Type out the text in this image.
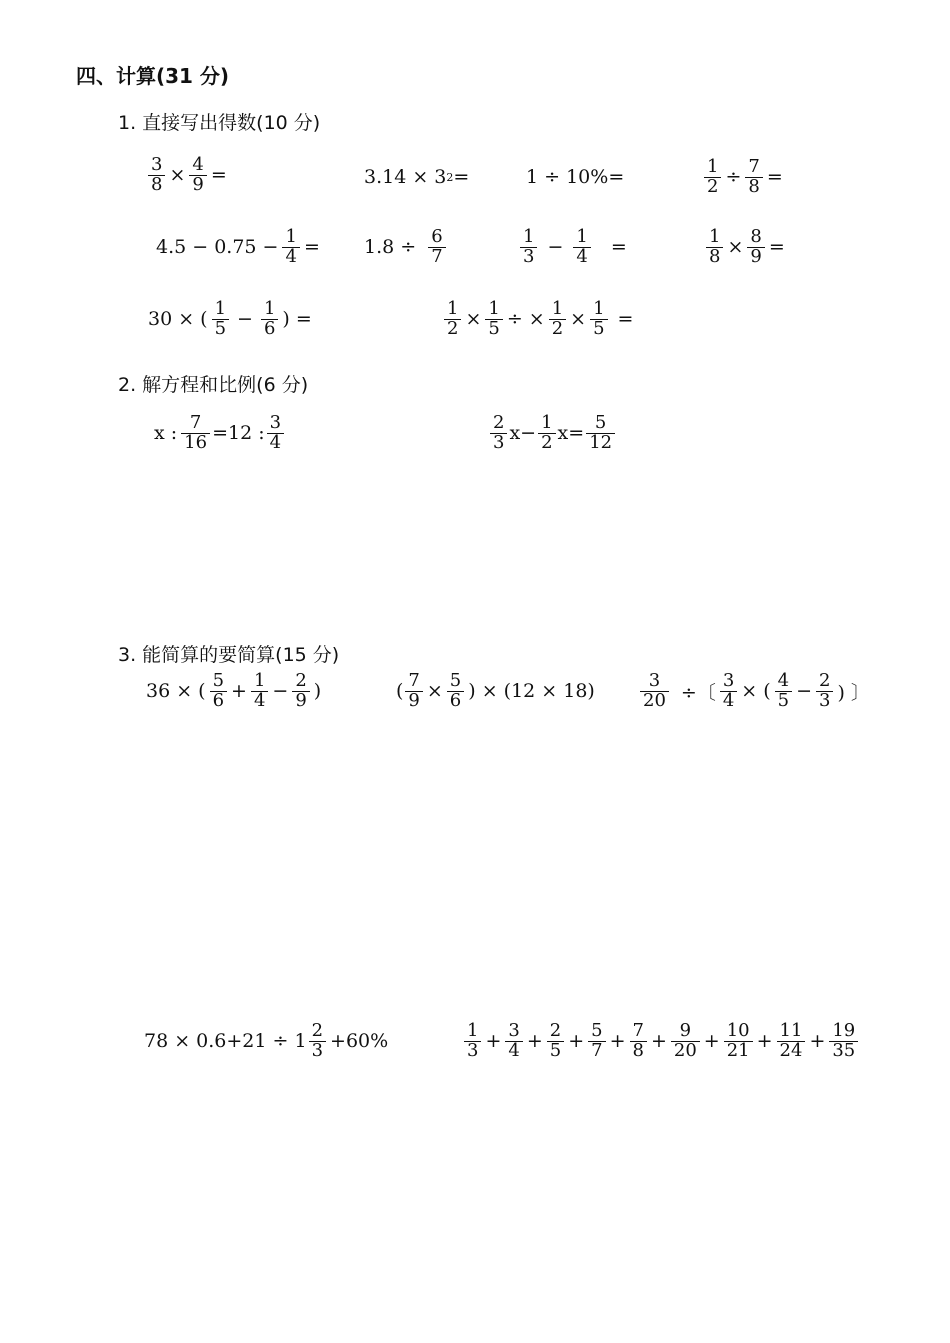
四、计算(31 分)
1. 直接写出得数(10 分)
$\frac{3}{8} \times \frac{4}{9}$ =	3.14 × 3 2 =	1 ÷ 10%=	$\frac{1}{2} \div \frac{7}{8}$ =
$4.5 - 0.75 - \frac{1}{4} = 1.8 \div \frac{6}{7}$	$\frac{1}{3} - \frac{1}{4}$	=	$\frac{1}{8} \times \frac{8}{9}$ =
30 × ( $\frac{1}{5} - \frac{1}{6}$ ) =	$\frac{1}{2} \times \frac{1}{5}$ ÷ × $\frac{1}{2} \times \frac{1}{5}$ =
2. 解方程和比例(6 分)
x : $\frac{7}{16} =12$ : $\frac{3}{4}$	$\frac{2}{3} x- \frac{1}{2} x= \frac{5}{12}$
3. 能简算的要简算(15 分)
36 × ( $\frac{5}{6} + \frac{1}{4} - \frac{2}{9}$ )	( $\frac{7}{9} \times \frac{5}{6}$ ) × (12 × 18)	$\frac{3}{20}$ ÷〔 $\frac{3}{4}$ × ( $\frac{4}{5} - \frac{2}{3}$ ) 〕
$78 \times 0.6+21 \div 1 \frac{2}{3} +60\%$	$\frac{1}{3} + \frac{3}{4} + \frac{2}{5} + \frac{5}{7} + \frac{7}{8} + \frac{9}{20} + \frac{10}{21} + \frac{11}{24} + \frac{19}{35}$
